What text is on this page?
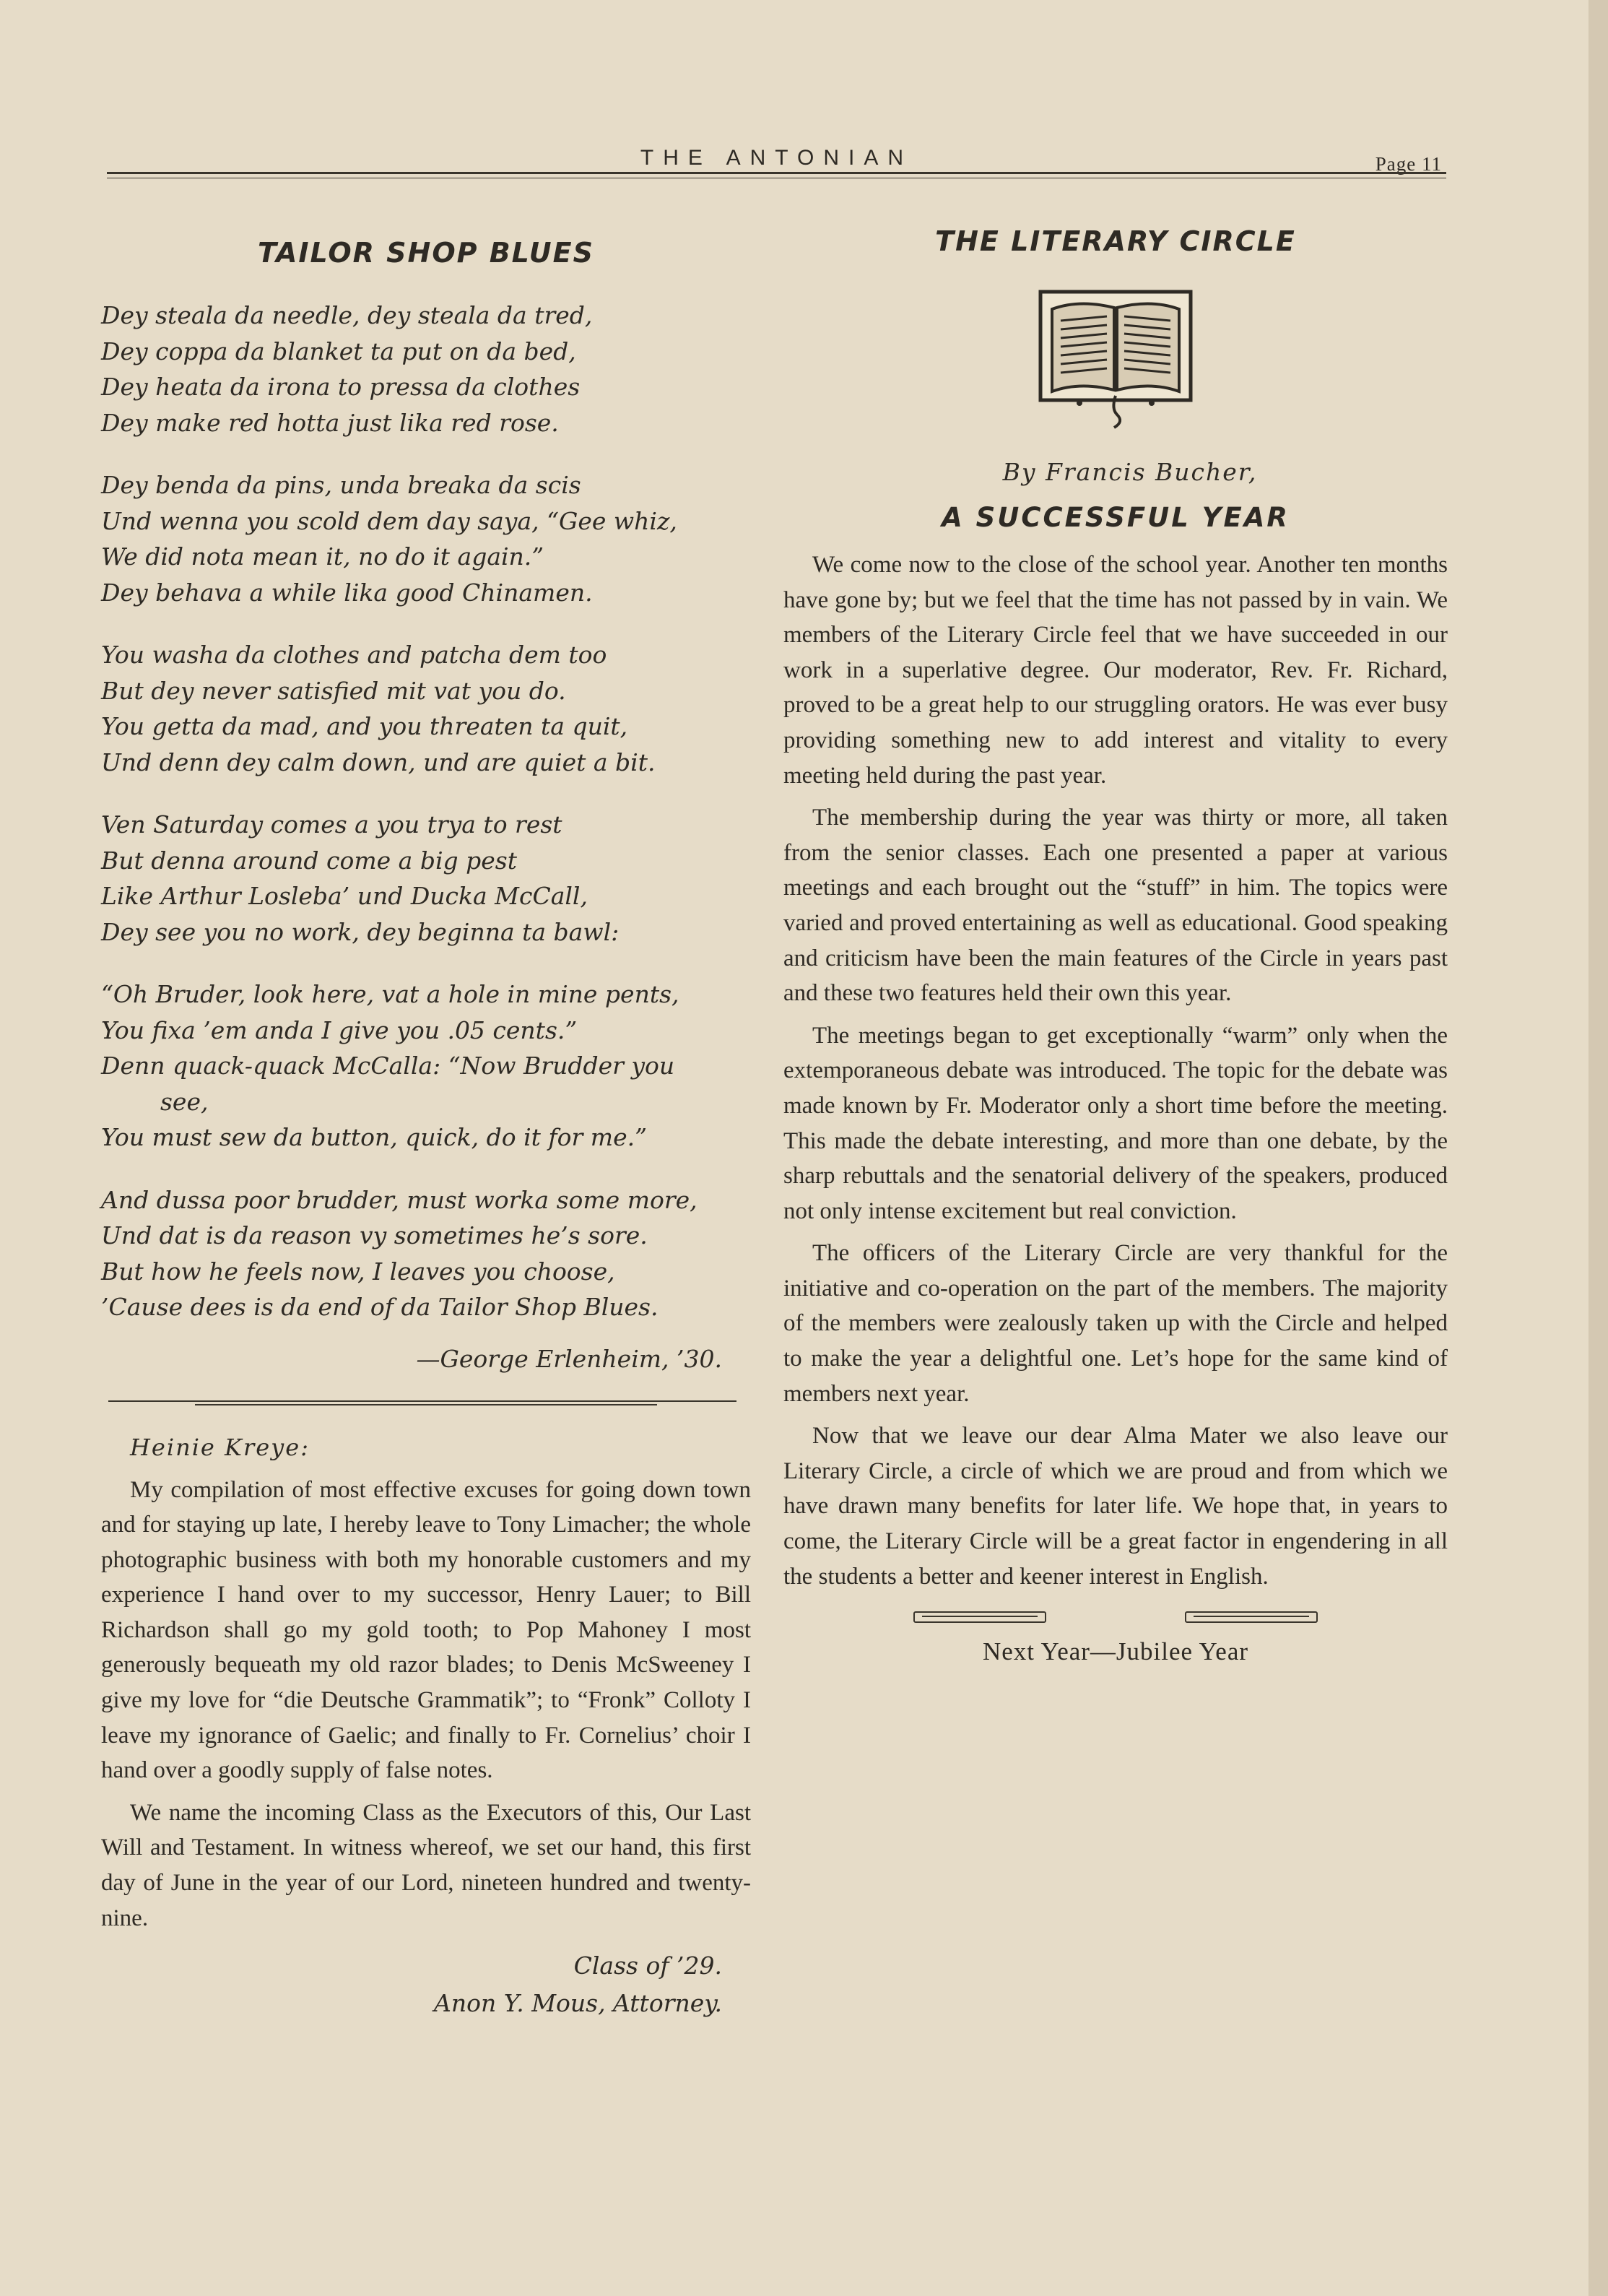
THE ANTONIAN	Page 11
TAILOR SHOP BLUES
Dey steala da needle, dey steala da tred,
Dey coppa da blanket ta put on da bed,
Dey heata da irona to pressa da clothes
Dey make red hotta just lika red rose.
Dey benda da pins, unda breaka da scis
Und wenna you scold dem day saya, “Gee whiz,
We did nota mean it, no do it again.”
Dey behava a while lika good Chinamen.
You washa da clothes and patcha dem too
But dey never satisfied mit vat you do.
You getta da mad, and you threaten ta quit,
Und denn dey calm down, und are quiet a bit.
Ven Saturday comes a you trya to rest
But denna around come a big pest
Like Arthur Losleba’ und Ducka McCall,
Dey see you no work, dey beginna ta bawl:
“Oh Bruder, look here, vat a hole in mine pents,
You fixa ’em anda I give you .05 cents.”
Denn quack-quack McCalla: “Now Brudder you
see,
You must sew da button, quick, do it for me.”
And dussa poor brudder, must worka some more,
Und dat is da reason vy sometimes he’s sore.
But how he feels now, I leaves you choose,
’Cause dees is da end of da Tailor Shop Blues.
—George Erlenheim, ’30.
Heinie Kreye:

My compilation of most effective excuses for going down town and for staying up late, I hereby leave to Tony Limacher; the whole photographic business with both my honorable customers and my experience I hand over to my successor, Henry Lauer; to Bill Richardson shall go my gold tooth; to Pop Mahoney I most generously bequeath my old razor blades; to Denis McSweeney I give my love for “die Deutsche Grammatik”; to “Fronk” Colloty I leave my ignorance of Gaelic; and finally to Fr. Cornelius’ choir I hand over a goodly supply of false notes.

We name the incoming Class as the Executors of this, Our Last Will and Testament. In witness whereof, we set our hand, this first day of June in the year of our Lord, nineteen hundred and twenty-nine.

Class of ’29.
Anon Y. Mous, Attorney.
THE LITERARY CIRCLE
By Francis Bucher,
A SUCCESSFUL YEAR

We come now to the close of the school year. Another ten months have gone by; but we feel that the time has not passed by in vain. We members of the Literary Circle feel that we have succeeded in our work in a superlative degree. Our moderator, Rev. Fr. Richard, proved to be a great help to our struggling orators. He was ever busy providing something new to add interest and vitality to every meeting held during the past year.

The membership during the year was thirty or more, all taken from the senior classes. Each one presented a paper at various meetings and each brought out the “stuff” in him. The topics were varied and proved entertaining as well as educational. Good speaking and criticism have been the main features of the Circle in years past and these two features held their own this year.

The meetings began to get exceptionally “warm” only when the extemporaneous debate was introduced. The topic for the debate was made known by Fr. Moderator only a short time before the meeting. This made the debate interesting, and more than one debate, by the sharp rebuttals and the senatorial delivery of the speakers, produced not only intense excitement but real conviction.

The officers of the Literary Circle are very thankful for the initiative and co-operation on the part of the members. The majority of the members were zealously taken up with the Circle and helped to make the year a delightful one. Let’s hope for the same kind of members next year.

Now that we leave our dear Alma Mater we also leave our Literary Circle, a circle of which we are proud and from which we have drawn many benefits for later life. We hope that, in years to come, the Literary Circle will be a great factor in engendering in all the students a better and keener interest in English.

Next Year—Jubilee Year
